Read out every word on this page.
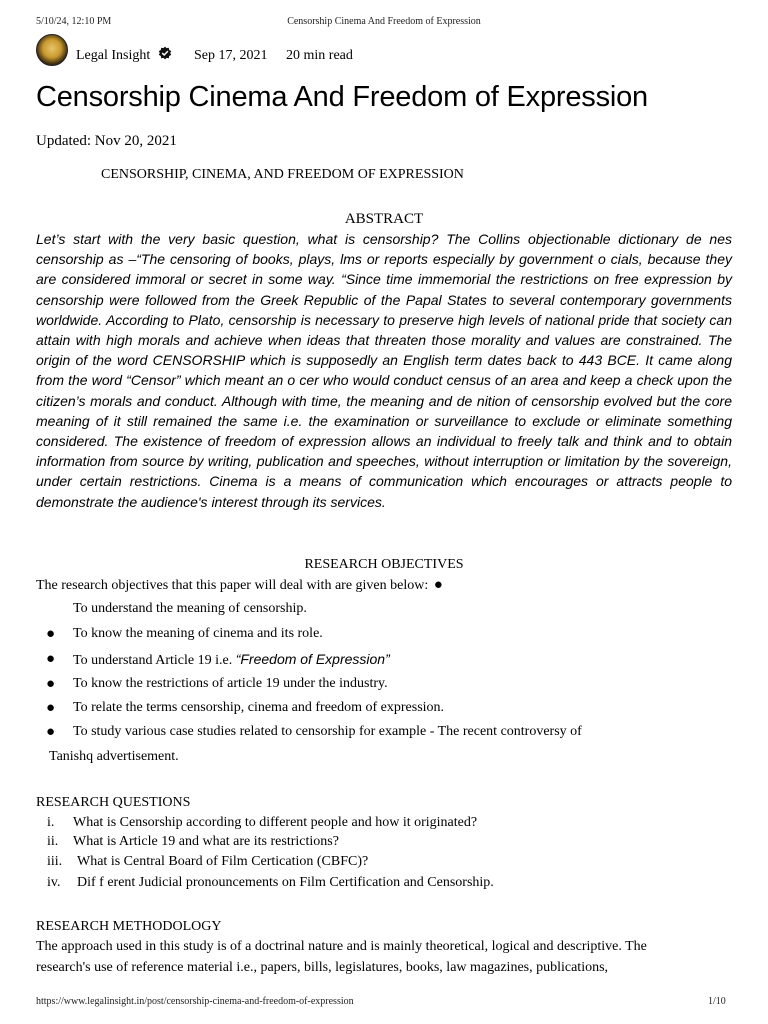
5/10/24, 12:10 PM	Censorship Cinema And Freedom of Expression
Legal Insight	Sep 17, 2021 20 min read
Censorship Cinema And Freedom of Expression
Updated: Nov 20, 2021
CENSORSHIP, CINEMA, AND FREEDOM OF EXPRESSION
ABSTRACT

Let’s start with the very basic question, what is censorship? The Collins objectionable dictionary de nes censorship as –“The censoring of books, plays, lms or reports especially by government o cials, because they are considered immoral or secret in some way. “Since time immemorial the restrictions on free expression by censorship were followed from the Greek Republic of the Papal States to several contemporary governments worldwide. According to Plato, censorship is necessary to preserve high levels of national pride that society can attain with high morals and achieve when ideas that threaten those morality and values are constrained. The origin of the word CENSORSHIP which is supposedly an English term dates back to 443 BCE. It came along from the word “Censor” which meant an o cer who would conduct census of an area and keep a check upon the citizen’s morals and conduct. Although with time, the meaning and de nition of censorship evolved but the core meaning of it still remained the same i.e. the examination or surveillance to exclude or eliminate something considered. The existence of freedom of expression allows an individual to freely talk and think and to obtain information from source by writing, publication and speeches, without interruption or limitation by the sovereign, under certain restrictions. Cinema is a means of communication which encourages or attracts people to demonstrate the audience's interest through its services.

RESEARCH OBJECTIVES
The research objectives that this paper will deal with are given below: ●
To understand the meaning of censorship.
● To know the meaning of cinema and its role.
● To understand Article 19 i.e. “Freedom of Expression”
● To know the restrictions of article 19 under the industry.
● To relate the terms censorship, cinema and freedom of expression.
● To study various case studies related to censorship for example - The recent controversy of
Tanishq advertisement.
RESEARCH QUESTIONS
i. What is Censorship according to different people and how it originated?
ii. What is Article 19 and what are its restrictions?
iii. What is Central Board of Film Certication (CBFC)?
iv. Dif f erent Judicial pronouncements on Film Certification and Censorship.
RESEARCH METHODOLOGY
The approach used in this study is of a doctrinal nature and is mainly theoretical, logical and descriptive. The
research's use of reference material i.e., papers, bills, legislatures, books, law magazines, publications,
https://www.legalinsight.in/post/censorship-cinema-and-freedom-of-expression	1/10
